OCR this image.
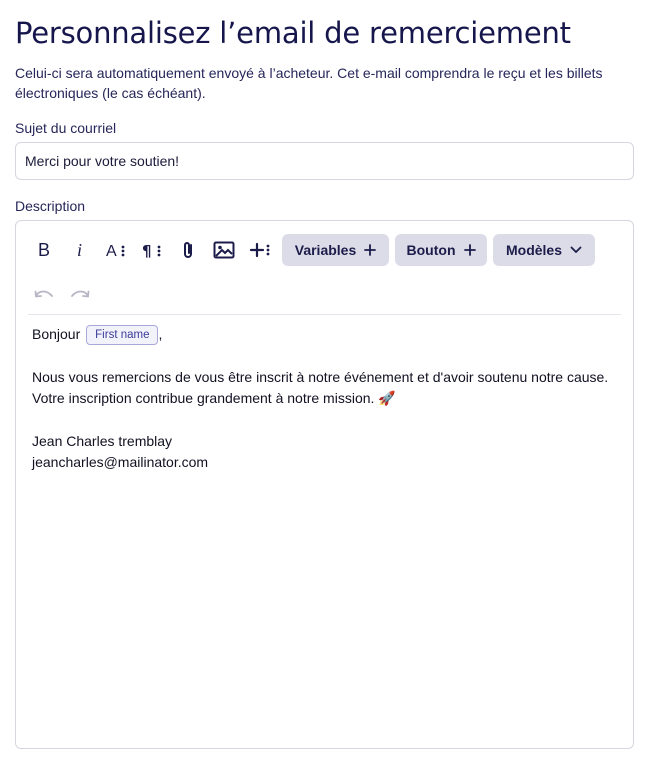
Personnalisez l’email de remerciement

Celui-ci sera automatiquement envoyé à l’acheteur. Cet e-mail comprendra le reçu et les billets électroniques (le cas échéant).

Sujet du courriel
Merci pour votre soutien!
Description
B i A ¶	Variables	Bouton	Modèles

Bonjour First name ,

Nous vous remercions de vous être inscrit à notre événement et d'avoir soutenu notre cause. Votre inscription contribue grandement à notre mission. 🚀

Jean Charles tremblay

jeancharles@mailinator.com
